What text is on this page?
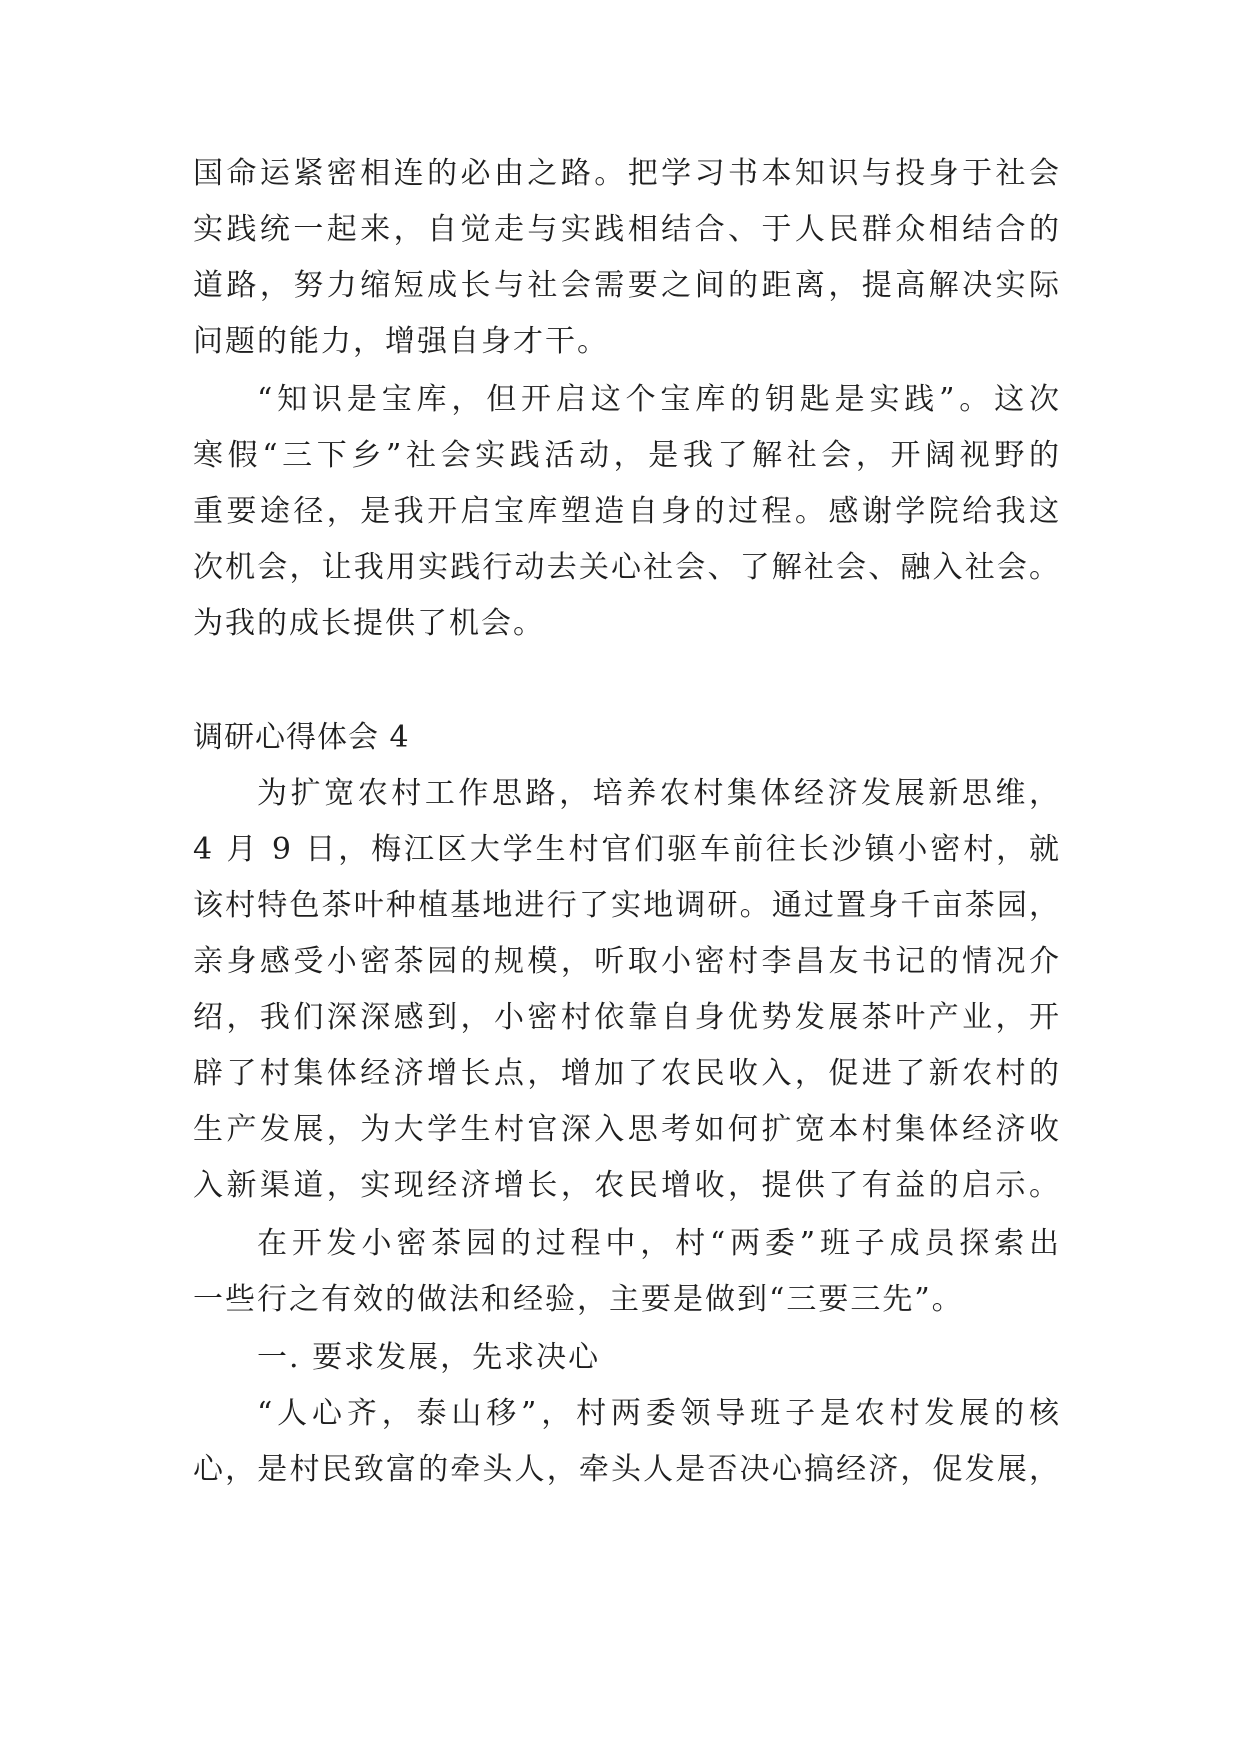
国命运紧密相连的必由之路。把学习书本知识与投身于社会
实践统一起来，自觉走与实践相结合、于人民群众相结合的
道路，努力缩短成长与社会需要之间的距离，提高解决实际
问题的能力，增强自身才干。
“知识是宝库，但开启这个宝库的钥匙是实践”。这次
寒假“三下乡”社会实践活动，是我了解社会，开阔视野的
重要途径，是我开启宝库塑造自身的过程。感谢学院给我这
次机会，让我用实践行动去关心社会、了解社会、融入社会。
为我的成长提供了机会。
调研心得体会 4
为扩宽农村工作思路，培养农村集体经济发展新思维，
4 月 9 日，梅江区大学生村官们驱车前往长沙镇小密村，就
该村特色茶叶种植基地进行了实地调研。通过置身千亩茶园，
亲身感受小密茶园的规模，听取小密村李昌友书记的情况介
绍，我们深深感到，小密村依靠自身优势发展茶叶产业，开
辟了村集体经济增长点，增加了农民收入，促进了新农村的
生产发展，为大学生村官深入思考如何扩宽本村集体经济收
入新渠道，实现经济增长，农民增收，提供了有益的启示。
在开发小密茶园的过程中，村“两委”班子成员探索出
一些行之有效的做法和经验，主要是做到“三要三先”。
一. 要求发展，先求决心
“人心齐，泰山移”，村两委领导班子是农村发展的核
心，是村民致富的牵头人，牵头人是否决心搞经济，促发展，
